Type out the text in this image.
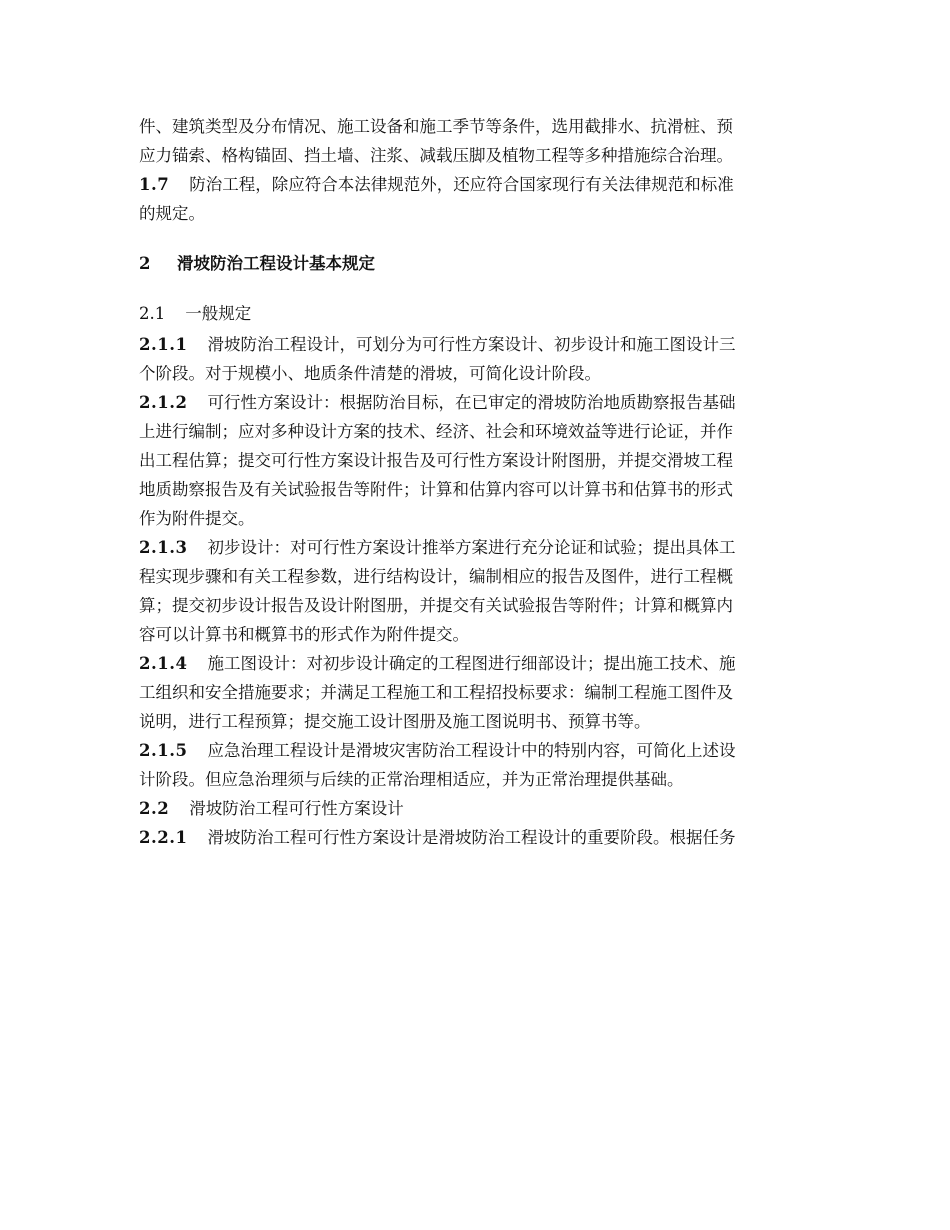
件、建筑类型及分布情况、施工设备和施工季节等条件，选用截排水、抗滑桩、预
应力锚索、格构锚固、挡土墙、注浆、减载压脚及植物工程等多种措施综合治理。
1.7 防治工程，除应符合本法律规范外，还应符合国家现行有关法律规范和标准
的规定。
2 滑坡防治工程设计基本规定
2.1 一般规定
2.1.1 滑坡防治工程设计，可划分为可行性方案设计、初步设计和施工图设计三
个阶段。对于规模小、地质条件清楚的滑坡，可简化设计阶段。
2.1.2 可行性方案设计：根据防治目标，在已审定的滑坡防治地质勘察报告基础
上进行编制；应对多种设计方案的技术、经济、社会和环境效益等进行论证，并作
出工程估算；提交可行性方案设计报告及可行性方案设计附图册，并提交滑坡工程
地质勘察报告及有关试验报告等附件；计算和估算内容可以计算书和估算书的形式
作为附件提交。
2.1.3 初步设计：对可行性方案设计推举方案进行充分论证和试验；提出具体工
程实现步骤和有关工程参数，进行结构设计，编制相应的报告及图件，进行工程概
算；提交初步设计报告及设计附图册，并提交有关试验报告等附件；计算和概算内
容可以计算书和概算书的形式作为附件提交。
2.1.4 施工图设计：对初步设计确定的工程图进行细部设计；提出施工技术、施
工组织和安全措施要求；并满足工程施工和工程招投标要求：编制工程施工图件及
说明，进行工程预算；提交施工设计图册及施工图说明书、预算书等。
2.1.5 应急治理工程设计是滑坡灾害防治工程设计中的特别内容，可简化上述设
计阶段。但应急治理须与后续的正常治理相适应，并为正常治理提供基础。
2.2 滑坡防治工程可行性方案设计
2.2.1 滑坡防治工程可行性方案设计是滑坡防治工程设计的重要阶段。根据任务
